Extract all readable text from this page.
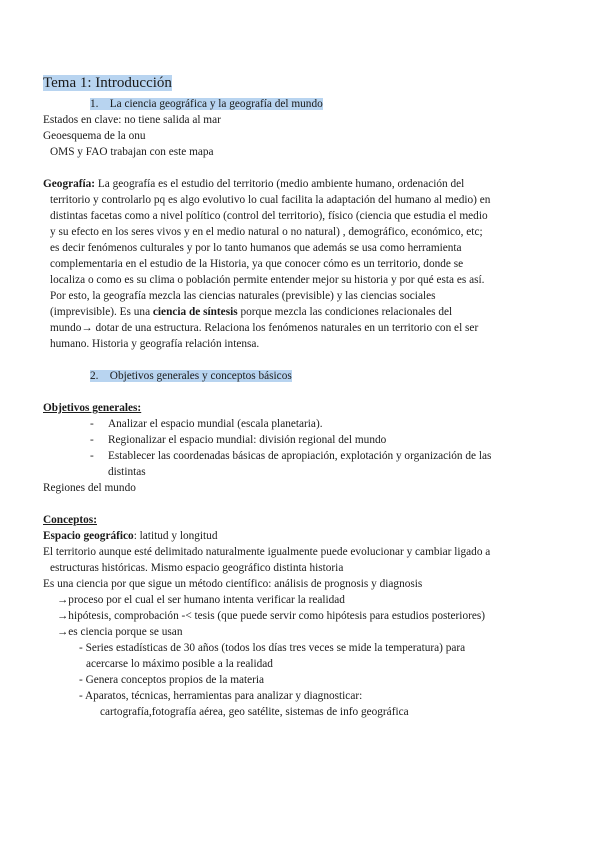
Tema 1: Introducción
1. La ciencia geográfica y la geografía del mundo
Estados en clave: no tiene salida al mar
Geoesquema de la onu
OMS y FAO trabajan con este mapa
Geografía: La geografía es el estudio del territorio (medio ambiente humano, ordenación del
territorio y controlarlo pq es algo evolutivo lo cual facilita la adaptación del humano al medio) en
distintas facetas como a nivel político (control del territorio), físico (ciencia que estudia el medio
y su efecto en los seres vivos y en el medio natural o no natural) , demográfico, económico, etc;
es decir fenómenos culturales y por lo tanto humanos que además se usa como herramienta
complementaria en el estudio de la Historia, ya que conocer cómo es un territorio, donde se
localiza o como es su clima o población permite entender mejor su historia y por qué esta es así.
Por esto, la geografía mezcla las ciencias naturales (previsible) y las ciencias sociales
(imprevisible). Es una ciencia de síntesis porque mezcla las condiciones relacionales del
mundo→ dotar de una estructura. Relaciona los fenómenos naturales en un territorio con el ser
humano. Historia y geografía relación intensa.
2. Objetivos generales y conceptos básicos
Objetivos generales:
- Analizar el espacio mundial (escala planetaria).
- Regionalizar el espacio mundial: división regional del mundo
- Establecer las coordenadas básicas de apropiación, explotación y organización de las
distintas
Regiones del mundo
Conceptos:
Espacio geográfico: latitud y longitud
El territorio aunque esté delimitado naturalmente igualmente puede evolucionar y cambiar ligado a
estructuras históricas. Mismo espacio geográfico distinta historia
Es una ciencia por que sigue un método científico: análisis de prognosis y diagnosis
→proceso por el cual el ser humano intenta verificar la realidad
→hipótesis, comprobación -< tesis (que puede servir como hipótesis para estudios posteriores)
→es ciencia porque se usan
- Series estadísticas de 30 años (todos los días tres veces se mide la temperatura) para
acercarse lo máximo posible a la realidad
- Genera conceptos propios de la materia
- Aparatos, técnicas, herramientas para analizar y diagnosticar:
cartografía,fotografía aérea, geo satélite, sistemas de info geográfica
